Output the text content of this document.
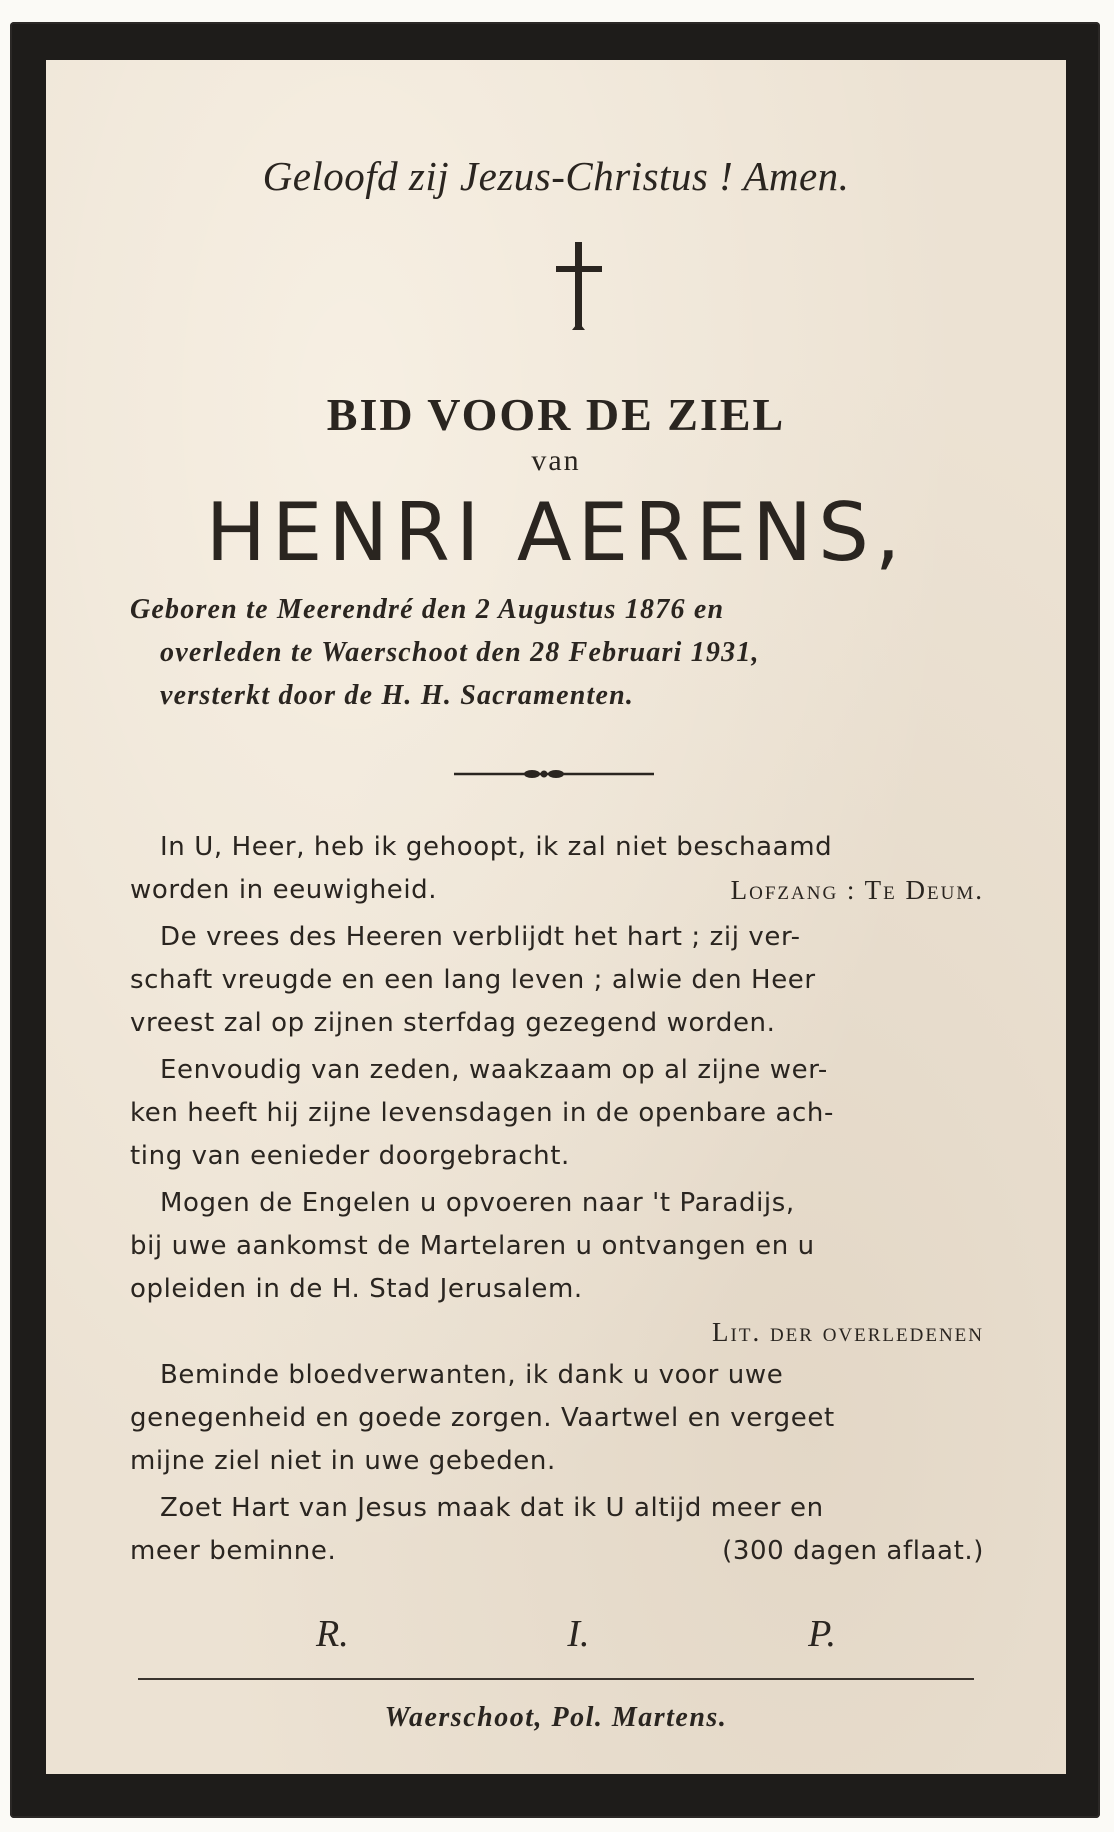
Geloofd zij Jezus-Christus ! Amen.
BID VOOR DE ZIEL
van
HENRI AERENS,
Geboren te Meerendré den 2 Augustus 1876 en
overleden te Waerschoot den 28 Februari 1931,
versterkt door de H. H. Sacramenten.
In U, Heer, heb ik gehoopt, ik zal niet beschaamd
worden in eeuwigheid.	Lofzang : Te Deum.
De vrees des Heeren verblijdt het hart ; zij ver-
schaft vreugde en een lang leven ; alwie den Heer
vreest zal op zijnen sterfdag gezegend worden.
Eenvoudig van zeden, waakzaam op al zijne wer-
ken heeft hij zijne levensdagen in de openbare ach-
ting van eenieder doorgebracht.
Mogen de Engelen u opvoeren naar 't Paradijs,
bij uwe aankomst de Martelaren u ontvangen en u
opleiden in de H. Stad Jerusalem.
Lit. der overledenen
Beminde bloedverwanten, ik dank u voor uwe
genegenheid en goede zorgen. Vaartwel en vergeet
mijne ziel niet in uwe gebeden.
Zoet Hart van Jesus maak dat ik U altijd meer en
meer beminne.	(300 dagen aflaat.)
R.	I.	P.
Waerschoot, Pol. Martens.
